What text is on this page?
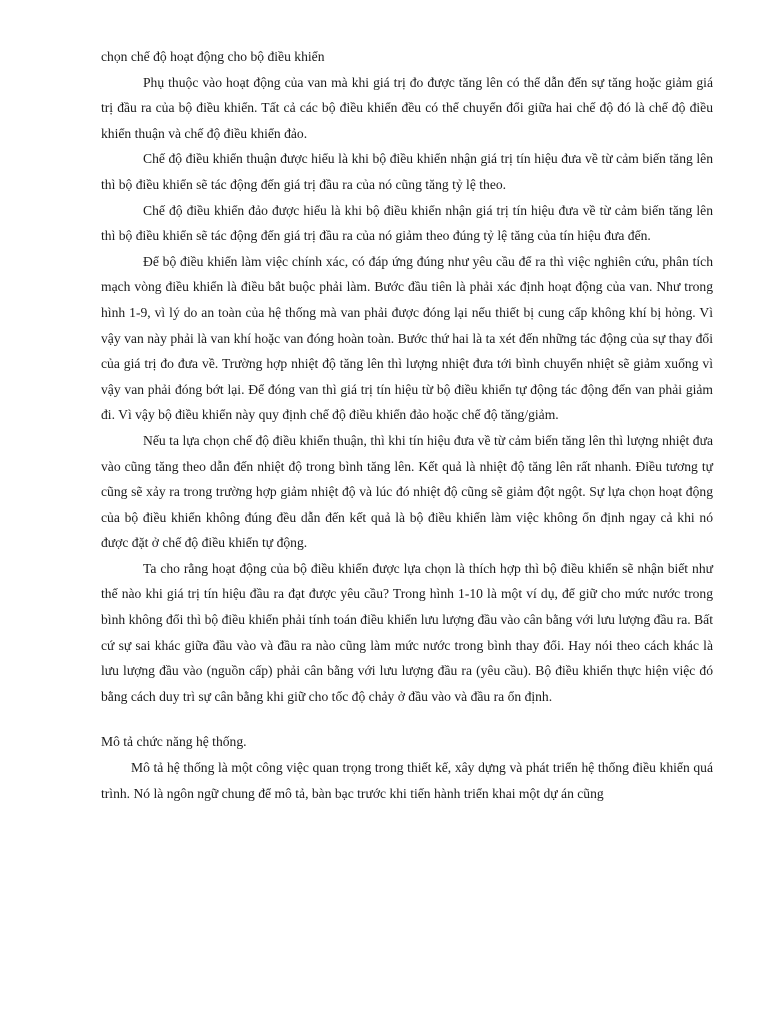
chọn chế độ hoạt động cho bộ điều khiển

Phụ thuộc vào hoạt động của van mà khi giá trị đo được tăng lên có thể dẫn đến sự tăng hoặc giảm giá trị đầu ra của bộ điều khiển. Tất cả các bộ điều khiển đều có thể chuyển đổi giữa hai chế độ đó là chế độ điều khiển thuận và chế độ điều khiển đảo.

Chế độ điều khiển thuận được hiểu là khi bộ điều khiển nhận giá trị tín hiệu đưa về từ cảm biến tăng lên thì bộ điều khiển sẽ tác động đến giá trị đầu ra của nó cũng tăng tỷ lệ theo.

Chế độ điều khiển đảo được hiểu là khi bộ điều khiển nhận giá trị tín hiệu đưa về từ cảm biến tăng lên thì bộ điều khiển sẽ tác động đến giá trị đầu ra của nó giảm theo đúng tỷ lệ tăng của tín hiệu đưa đến.

Để bộ điều khiển làm việc chính xác, có đáp ứng đúng như yêu cầu để ra thì việc nghiên cứu, phân tích mạch vòng điều khiển là điều bắt buộc phải làm. Bước đầu tiên là phải xác định hoạt động của van. Như trong hình 1-9, vì lý do an toàn của hệ thống mà van phải được đóng lại nếu thiết bị cung cấp không khí bị hỏng. Vì vậy van này phải là van khí hoặc van đóng hoàn toàn. Bước thứ hai là ta xét đến những tác động của sự thay đổi của giá trị đo đưa về. Trường hợp nhiệt độ tăng lên thì lượng nhiệt đưa tới bình chuyển nhiệt sẽ giảm xuống vì vậy van phải đóng bớt lại. Để đóng van thì giá trị tín hiệu từ bộ điều khiển tự động tác động đến van phải giảm đi. Vì vậy bộ điều khiển này quy định chế độ điều khiển đảo hoặc chế độ tăng/giảm.

Nếu ta lựa chọn chế độ điều khiển thuận, thì khi tín hiệu đưa về từ cảm biến tăng lên thì lượng nhiệt đưa vào cũng tăng theo dẫn đến nhiệt độ trong bình tăng lên. Kết quả là nhiệt độ tăng lên rất nhanh. Điều tương tự cũng sẽ xảy ra trong trường hợp giảm nhiệt độ và lúc đó nhiệt độ cũng sẽ giảm đột ngột. Sự lựa chọn hoạt động của bộ điều khiển không đúng đều dẫn đến kết quả là bộ điều khiển làm việc không ổn định ngay cả khi nó được đặt ở chế độ điều khiển tự động.

Ta cho rằng hoạt động của bộ điều khiển được lựa chọn là thích hợp thì bộ điều khiển sẽ nhận biết như thế nào khi giá trị tín hiệu đầu ra đạt được yêu cầu? Trong hình 1-10 là một ví dụ, để giữ cho mức nước trong bình không đổi thì bộ điều khiển phải tính toán điều khiển lưu lượng đầu vào cân bằng với lưu lượng đầu ra. Bất cứ sự sai khác giữa đầu vào và đầu ra nào cũng làm mức nước trong bình thay đổi. Hay nói theo cách khác là lưu lượng đầu vào (nguồn cấp) phải cân bằng với lưu lượng đầu ra (yêu cầu). Bộ điều khiển thực hiện việc đó bằng cách duy trì sự cân bằng khi giữ cho tốc độ chảy ở đầu vào và đầu ra ổn định.

Mô tả chức năng hệ thống.

Mô tả hệ thống là một công việc quan trọng trong thiết kế, xây dựng và phát triển hệ thống điều khiển quá trình. Nó là ngôn ngữ chung để mô tả, bàn bạc trước khi tiến hành triển khai một dự án cũng
